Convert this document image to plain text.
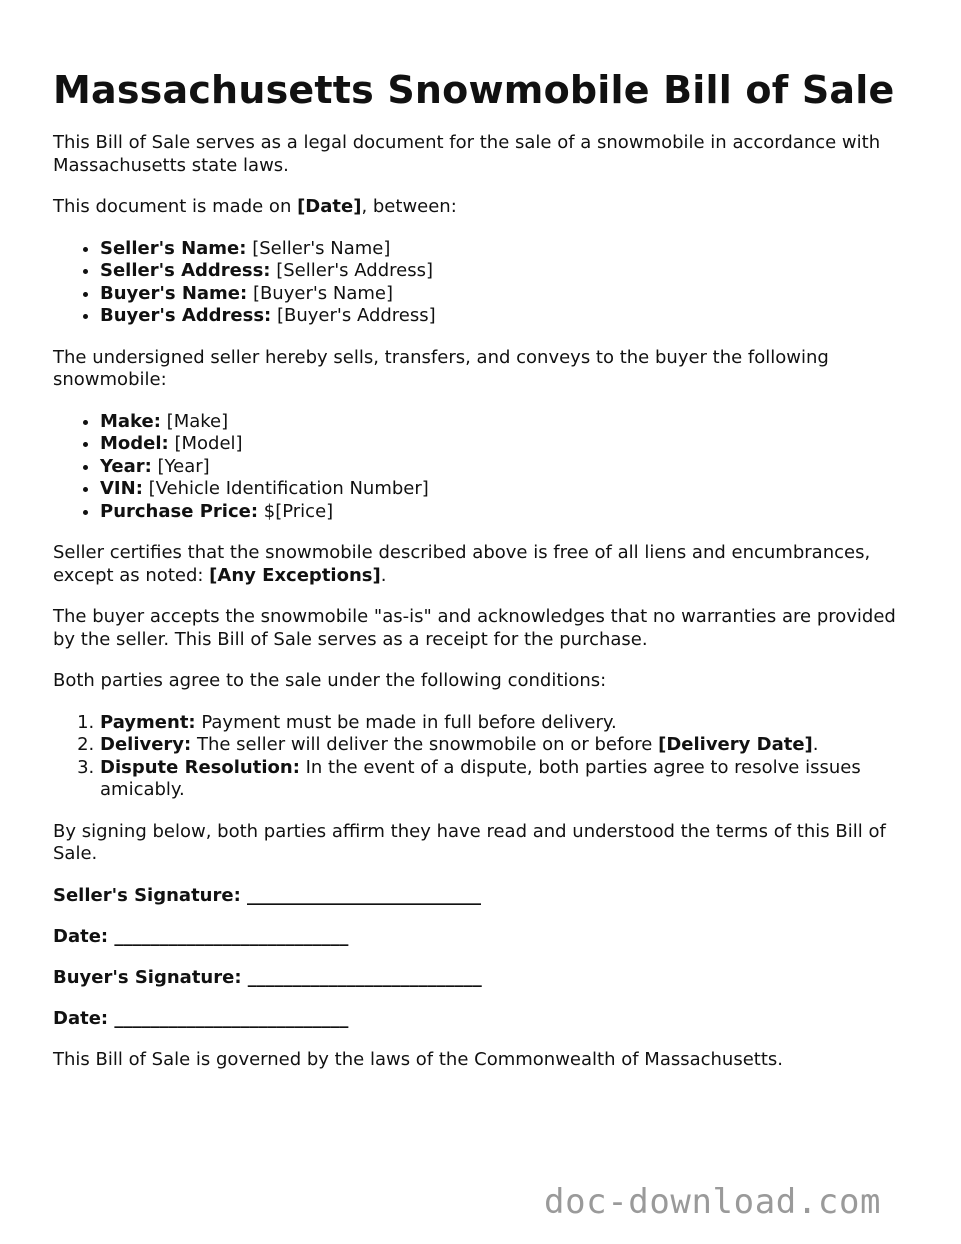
Massachusetts Snowmobile Bill of Sale

This Bill of Sale serves as a legal document for the sale of a snowmobile in accordance with Massachusetts state laws.

This document is made on [Date], between:

• Seller's Name: [Seller's Name]
• Seller's Address: [Seller's Address]
• Buyer's Name: [Buyer's Name]
• Buyer's Address: [Buyer's Address]

The undersigned seller hereby sells, transfers, and conveys to the buyer the following snowmobile:

• Make: [Make]
• Model: [Model]
• Year: [Year]
• VIN: [Vehicle Identification Number]
• Purchase Price: $[Price]

Seller certifies that the snowmobile described above is free of all liens and encumbrances, except as noted: [Any Exceptions].

The buyer accepts the snowmobile "as-is" and acknowledges that no warranties are provided by the seller. This Bill of Sale serves as a receipt for the purchase.

Both parties agree to the sale under the following conditions:

1. Payment: Payment must be made in full before delivery.
2. Delivery: The seller will deliver the snowmobile on or before [Delivery Date].
3. Dispute Resolution: In the event of a dispute, both parties agree to resolve issues amicably.

By signing below, both parties affirm they have read and understood the terms of this Bill of Sale.

Seller's Signature: __________________________
Date: __________________________
Buyer's Signature: __________________________
Date: __________________________

This Bill of Sale is governed by the laws of the Commonwealth of Massachusetts.

doc-download.com
